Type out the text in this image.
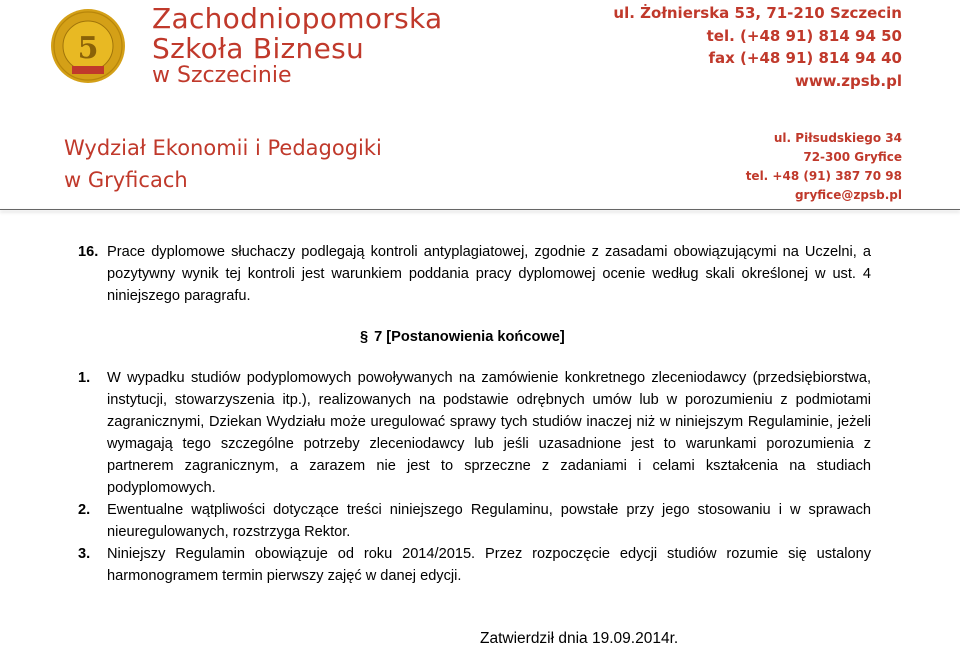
5
Zachodniopomorska
Szkoła Biznesu
w Szczecinie
ul. Żołnierska 53, 71-210 Szczecin
tel. (+48 91) 814 94 50
fax (+48 91) 814 94 40
www.zpsb.pl
Wydział Ekonomii i Pedagogiki
w Gryficach
ul. Piłsudskiego 34
72-300 Gryfice
tel. +48 (91) 387 70 98
gryfice@zpsb.pl
16. Prace dyplomowe słuchaczy podlegają kontroli antyplagiatowej, zgodnie z zasadami obowiązującymi na Uczelni, a pozytywny wynik tej kontroli jest warunkiem poddania pracy dyplomowej ocenie według skali określonej w ust. 4 niniejszego paragrafu.
§ 7 [Postanowienia końcowe]
1. W wypadku studiów podyplomowych powoływanych na zamówienie konkretnego zleceniodawcy (przedsiębiorstwa, instytucji, stowarzyszenia itp.), realizowanych na podstawie odrębnych umów lub w porozumieniu z podmiotami zagranicznymi, Dziekan Wydziału może uregulować sprawy tych studiów inaczej niż w niniejszym Regulaminie, jeżeli wymagają tego szczególne potrzeby zleceniodawcy lub jeśli uzasadnione jest to warunkami porozumienia z partnerem zagranicznym, a zarazem nie jest to sprzeczne z zadaniami i celami kształcenia na studiach podyplomowych.
2. Ewentualne wątpliwości dotyczące treści niniejszego Regulaminu, powstałe przy jego stosowaniu i w sprawach nieuregulowanych, rozstrzyga Rektor.
3. Niniejszy Regulamin obowiązuje od roku 2014/2015. Przez rozpoczęcie edycji studiów rozumie się ustalony harmonogramem termin pierwszy zajęć w danej edycji.
Zatwierdził dnia 19.09.2014r.
